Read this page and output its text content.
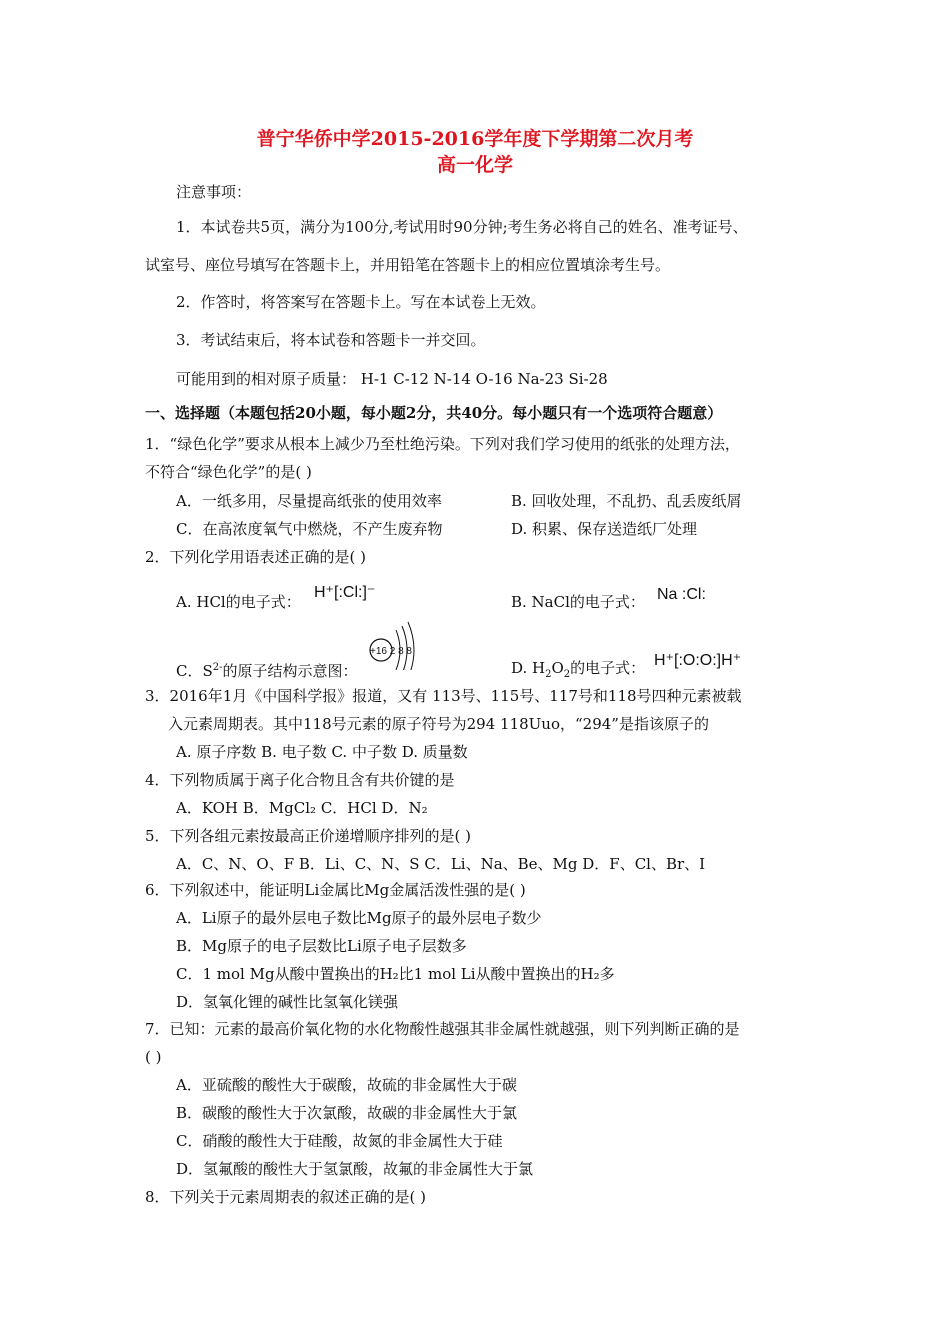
普宁华侨中学2015-2016学年度下学期第二次月考
高一化学
注意事项：
1．本试卷共5页，满分为100分,考试用时90分钟;考生务必将自己的姓名、准考证号、
试室号、座位号填写在答题卡上，并用铅笔在答题卡上的相应位置填涂考生号。
2．作答时，将答案写在答题卡上。写在本试卷上无效。
3．考试结束后，将本试卷和答题卡一并交回。
可能用到的相对原子质量： H-1 C-12 N-14 O-16 Na-23 Si-28
一、选择题（本题包括20小题，每小题2分，共40分。每小题只有一个选项符合题意）
1．“绿色化学”要求从根本上减少乃至杜绝污染。下列对我们学习使用的纸张的处理方法，
不符合“绿色化学”的是( )
A．一纸多用，尽量提高纸张的使用效率	B. 回收处理，不乱扔、乱丢废纸屑
C．在高浓度氧气中燃烧，不产生废弃物	D. 积累、保存送造纸厂处理
2．下列化学用语表述正确的是( )
A. HCl的电子式：
H⁺[:Cl:]⁻
B. NaCl的电子式： Na :Cl:
C．$S^{2-}$的原子结构示意图：
+16 2 8 8
D. $H_2O_2$的电子式： H⁺[:O:O:]H⁺
3．2016年1月《中国科学报》报道，又有 113号、115号、117号和118号四种元素被载
入元素周期表。其中118号元素的原子符号为294 118Uuo，“294”是指该原子的
A. 原子序数 B. 电子数 C. 中子数 D. 质量数
4．下列物质属于离子化合物且含有共价键的是
A．KOH B．MgCl₂ C．HCl D．N₂
5．下列各组元素按最高正价递增顺序排列的是( )
A．C、N、O、F B．Li、C、N、S C．Li、Na、Be、Mg D．F、Cl、Br、I
6．下列叙述中，能证明Li金属比Mg金属活泼性强的是( )
A．Li原子的最外层电子数比Mg原子的最外层电子数少
B．Mg原子的电子层数比Li原子电子层数多
C．1 mol Mg从酸中置换出的H₂比1 mol Li从酸中置换出的H₂多
D．氢氧化锂的碱性比氢氧化镁强
7．已知：元素的最高价氧化物的水化物酸性越强其非金属性就越强，则下列判断正确的是
( )
A．亚硫酸的酸性大于碳酸，故硫的非金属性大于碳
B．碳酸的酸性大于次氯酸，故碳的非金属性大于氯
C．硝酸的酸性大于硅酸，故氮的非金属性大于硅
D．氢氟酸的酸性大于氢氯酸，故氟的非金属性大于氯
8．下列关于元素周期表的叙述正确的是( )
